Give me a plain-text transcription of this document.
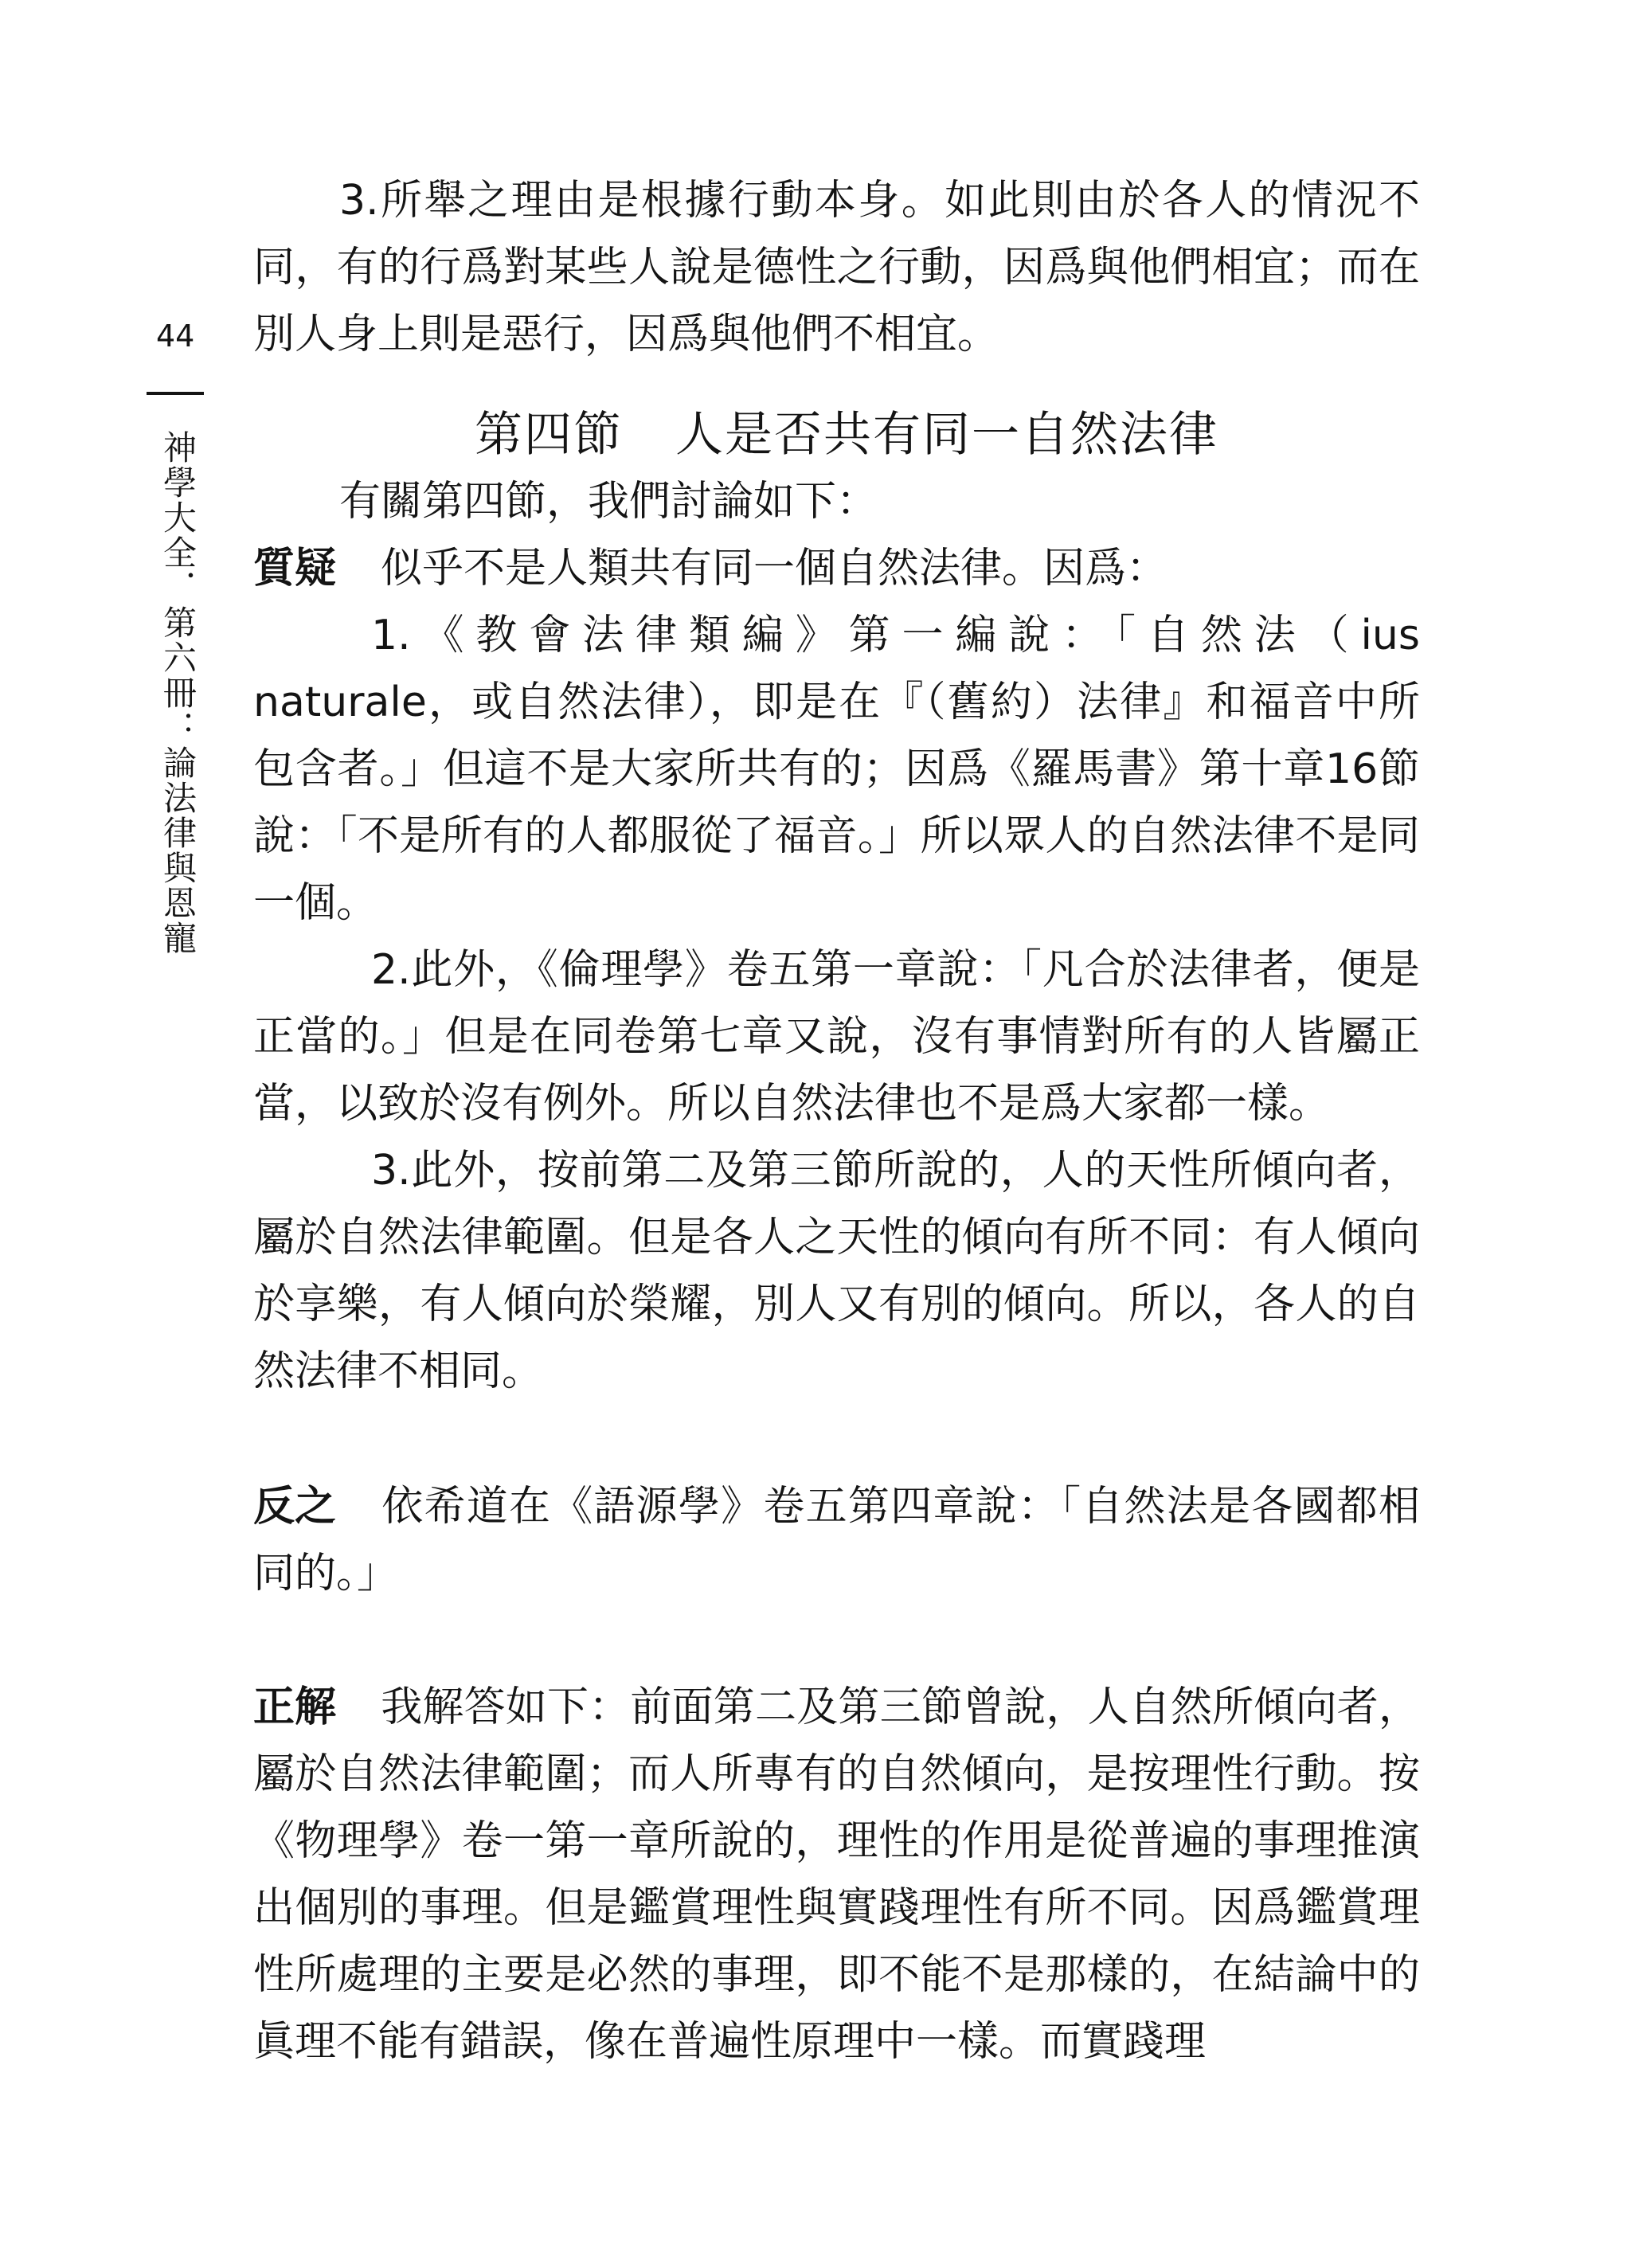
44
神學大全．第六冊：論法律與恩寵

3.所舉之理由是根據行動本身。如此則由於各人的情況不同，有的行爲對某些人說是德性之行動，因爲與他們相宜；而在別人身上則是惡行，因爲與他們不相宜。

第四節 人是否共有同一自然法律

有關第四節，我們討論如下：

質疑 似乎不是人類共有同一個自然法律。因爲：

1.《教會法律類編》第一編說：「自然法（ius naturale，或自然法律），即是在『（舊約）法律』和福音中所包含者。」但這不是大家所共有的；因爲《羅馬書》第十章16節說：「不是所有的人都服從了福音。」所以眾人的自然法律不是同一個。

2.此外，《倫理學》卷五第一章說：「凡合於法律者，便是正當的。」但是在同卷第七章又說，沒有事情對所有的人皆屬正當，以致於沒有例外。所以自然法律也不是爲大家都一樣。

3.此外，按前第二及第三節所說的，人的天性所傾向者，屬於自然法律範圍。但是各人之天性的傾向有所不同：有人傾向於享樂，有人傾向於榮耀，別人又有別的傾向。所以，各人的自然法律不相同。

反之 依希道在《語源學》卷五第四章說：「自然法是各國都相同的。」

正解 我解答如下：前面第二及第三節曾說，人自然所傾向者，屬於自然法律範圍；而人所專有的自然傾向，是按理性行動。按《物理學》卷一第一章所說的，理性的作用是從普遍的事理推演出個別的事理。但是鑑賞理性與實踐理性有所不同。因爲鑑賞理性所處理的主要是必然的事理，即不能不是那樣的，在結論中的眞理不能有錯誤，像在普遍性原理中一樣。而實踐理
